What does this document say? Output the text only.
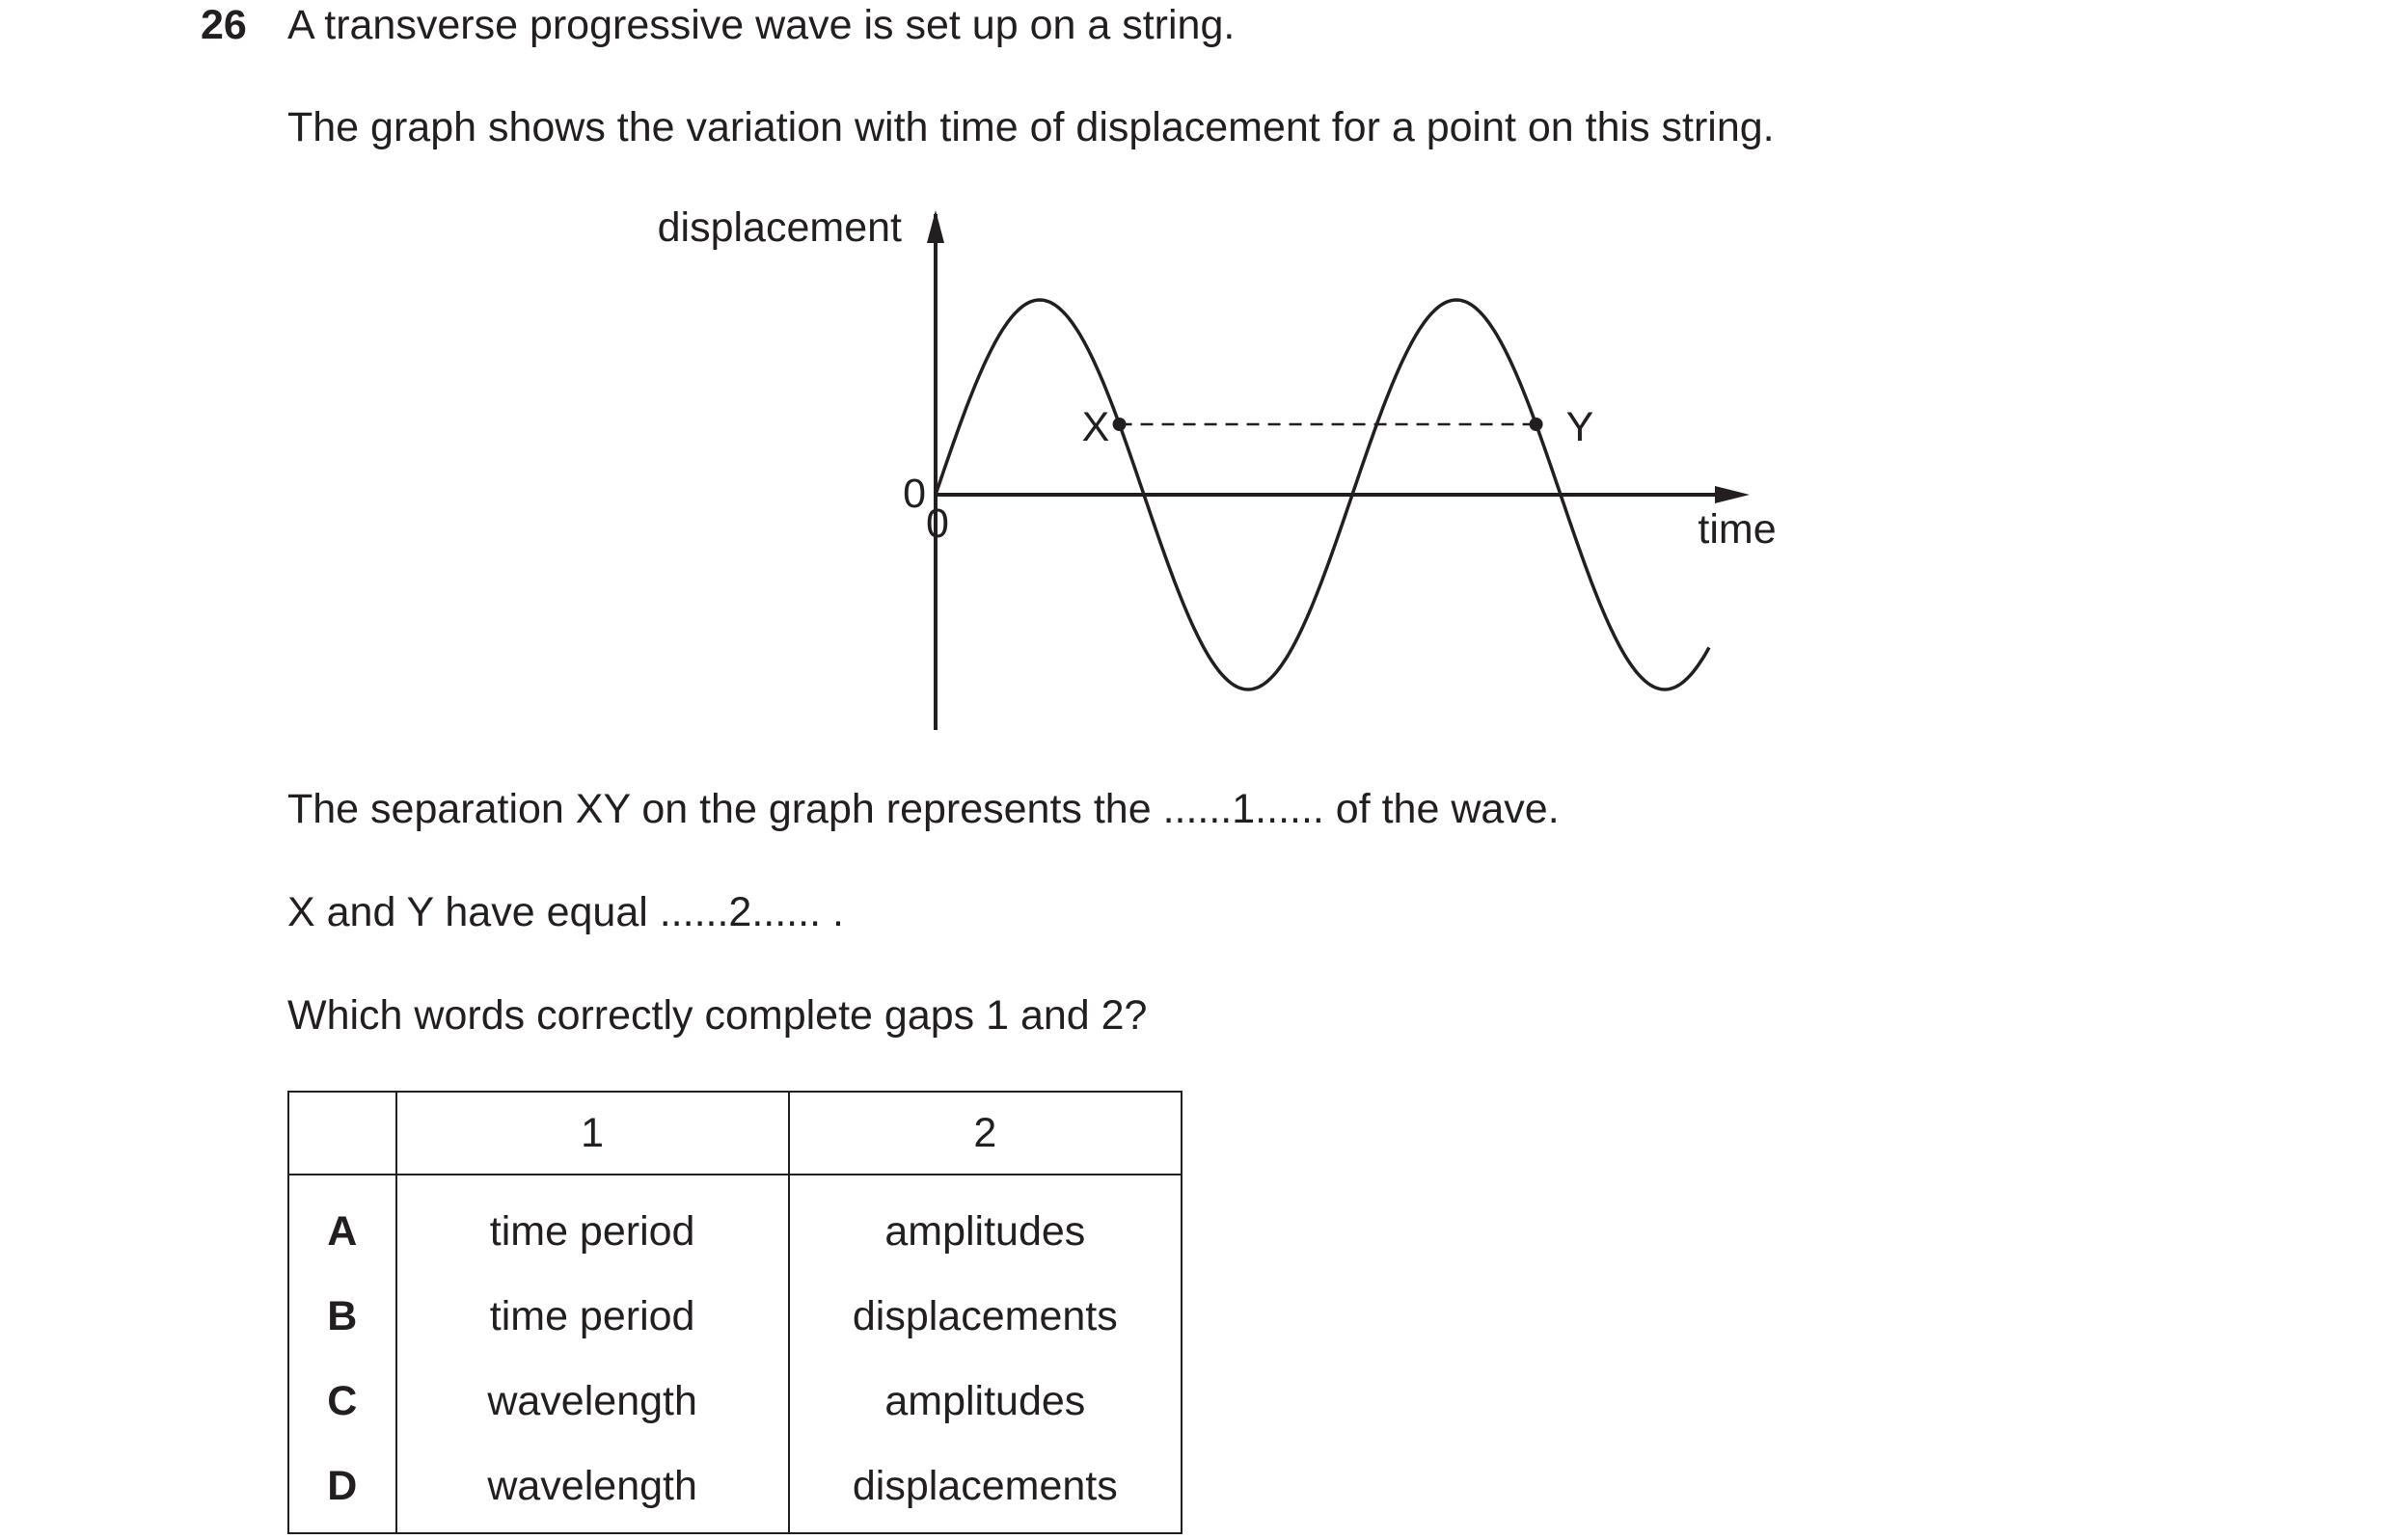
26 A transverse progressive wave is set up on a string.
The graph shows the variation with time of displacement for a point on this string.
displacement
time
0
0
X	Y
The separation XY on the graph represents the ......1...... of the wave.
X and Y have equal ......2...... .
Which words correctly complete gaps 1 and 2?
	1	2
A	time period	amplitudes
B	time period	displacements
C	wavelength	amplitudes
D	wavelength	displacements
